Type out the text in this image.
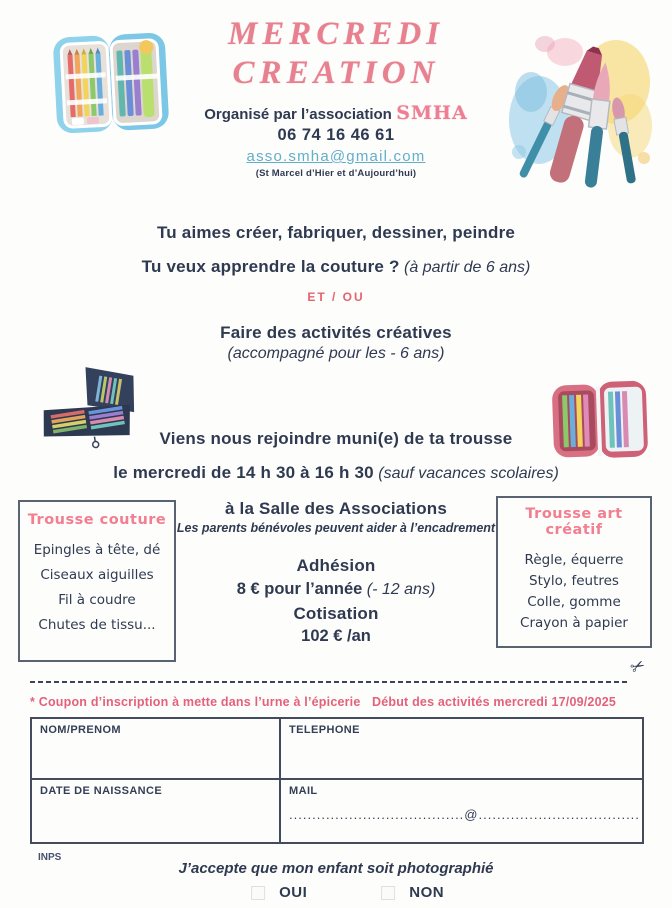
MERCREDI
CREATION
Organisé par l’association SMHA
06 74 16 46 61
asso.smha@gmail.com
(St Marcel d’Hier et d’Aujourd’hui)
Tu aimes créer, fabriquer, dessiner, peindre
Tu veux apprendre la couture ? (à partir de 6 ans)
ET / OU
Faire des activités créatives
(accompagné pour les - 6 ans)
Viens nous rejoindre muni(e) de ta trousse
le mercredi de 14 h 30 à 16 h 30 (sauf vacances scolaires)
à la Salle des Associations
Les parents bénévoles peuvent aider à l’encadrement
Adhésion
8 € pour l’année (- 12 ans)
Cotisation
102 € /an
Trousse couture
Epingles à tête, dé
Ciseaux aiguilles
Fil à coudre
Chutes de tissu...
Trousse art
créatif
Règle, équerre
Stylo, feutres
Colle, gomme
Crayon à papier
✂
* Coupon d’inscription à mette dans l’urne à l’épicerie Début des activités mercredi 17/09/2025
NOM/PRENOM	TELEPHONE
DATE DE NAISSANCE	MAIL
......................................@...................................
INPS
J’accepte que mon enfant soit photographié
OUI	NON
